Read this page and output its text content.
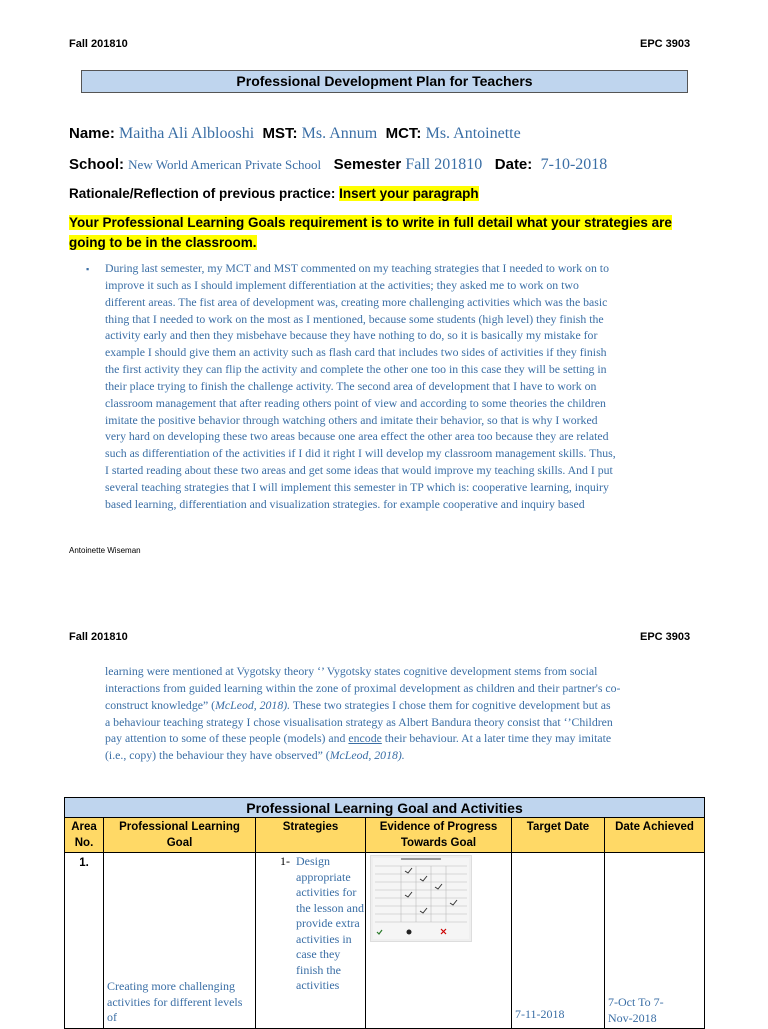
Fall 201810	EPC 3903
Professional Development Plan for Teachers
Name: Maitha Ali Alblooshi MST: Ms. Annum MCT: Ms. Antoinette
School: New World American Private School Semester Fall 201810 Date: 7-10-2018
Rationale/Reflection of previous practice: Insert your paragraph
Your Professional Learning Goals requirement is to write in full detail what your strategies are
going to be in the classroom.
▪ During last semester, my MCT and MST commented on my teaching strategies that I needed to work on to
improve it such as I should implement differentiation at the activities; they asked me to work on two
different areas. The fist area of development was, creating more challenging activities which was the basic
thing that I needed to work on the most as I mentioned, because some students (high level) they finish the
activity early and then they misbehave because they have nothing to do, so it is basically my mistake for
example I should give them an activity such as flash card that includes two sides of activities if they finish
the first activity they can flip the activity and complete the other one too in this case they will be setting in
their place trying to finish the challenge activity. The second area of development that I have to work on
classroom management that after reading others point of view and according to some theories the children
imitate the positive behavior through watching others and imitate their behavior, so that is why I worked
very hard on developing these two areas because one area effect the other area too because they are related
such as differentiation of the activities if I did it right I will develop my classroom management skills. Thus,
I started reading about these two areas and get some ideas that would improve my teaching skills. And I put
several teaching strategies that I will implement this semester in TP which is: cooperative learning, inquiry
based learning, differentiation and visualization strategies. for example cooperative and inquiry based
Antoinette Wiseman
Fall 201810	EPC 3903
learning were mentioned at Vygotsky theory ‘’ Vygotsky states cognitive development stems from social
interactions from guided learning within the zone of proximal development as children and their partner's co-
construct knowledge” (McLeod, 2018). These two strategies I chose them for cognitive development but as
a behaviour teaching strategy I chose visualisation strategy as Albert Bandura theory consist that ‘’Children
pay attention to some of these people (models) and encode their behaviour. At a later time they may imitate
(i.e., copy) the behaviour they have observed” (McLeod, 2018).
Professional Learning Goal and Activities					
Area No.	Professional Learning Goal	Strategies	Evidence of Progress Towards Goal	Target Date	Date Achieved

1.	Creating more challenging activities for different levels of	1- Design appropriate activities for the lesson and provide extra activities in case they finish the activities		7-11-2018	7-Oct To 7-Nov-2018
